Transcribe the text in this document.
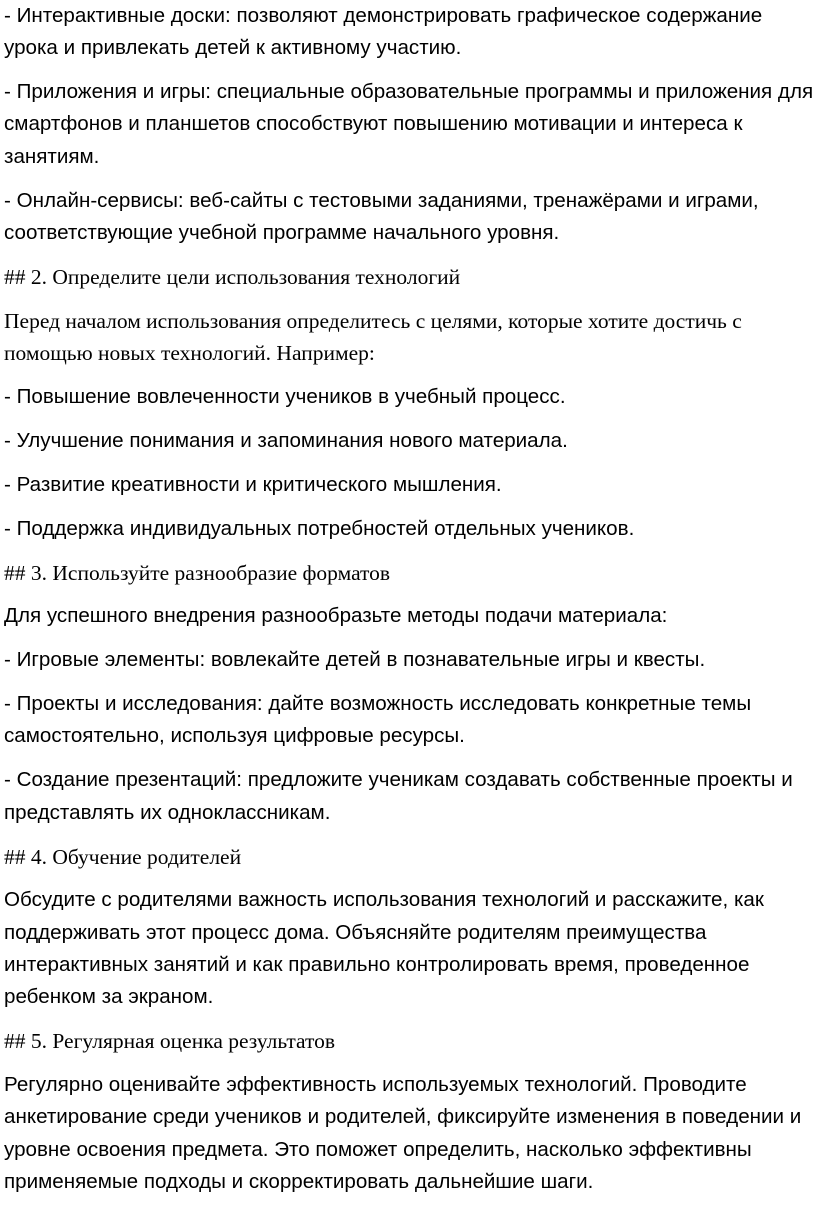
- Интерактивные доски: позволяют демонстрировать графическое содержание урока и привлекать детей к активному участию.

- Приложения и игры: специальные образовательные программы и приложения для смартфонов и планшетов способствуют повышению мотивации и интереса к занятиям.

- Онлайн-сервисы: веб-сайты с тестовыми заданиями, тренажёрами и играми, соответствующие учебной программе начального уровня.

## 2. Определите цели использования технологий

Перед началом использования определитесь с целями, которые хотите достичь с помощью новых технологий. Например:

- Повышение вовлеченности учеников в учебный процесс.

- Улучшение понимания и запоминания нового материала.

- Развитие креативности и критического мышления.

- Поддержка индивидуальных потребностей отдельных учеников.

## 3. Используйте разнообразие форматов

Для успешного внедрения разнообразьте методы подачи материала:

- Игровые элементы: вовлекайте детей в познавательные игры и квесты.

- Проекты и исследования: дайте возможность исследовать конкретные темы самостоятельно, используя цифровые ресурсы.

- Создание презентаций: предложите ученикам создавать собственные проекты и представлять их одноклассникам.

## 4. Обучение родителей

Обсудите с родителями важность использования технологий и расскажите, как поддерживать этот процесс дома. Объясняйте родителям преимущества интерактивных занятий и как правильно контролировать время, проведенное ребенком за экраном.

## 5. Регулярная оценка результатов

Регулярно оценивайте эффективность используемых технологий. Проводите анкетирование среди учеников и родителей, фиксируйте изменения в поведении и уровне освоения предмета. Это поможет определить, насколько эффективны применяемые подходы и скорректировать дальнейшие шаги.
